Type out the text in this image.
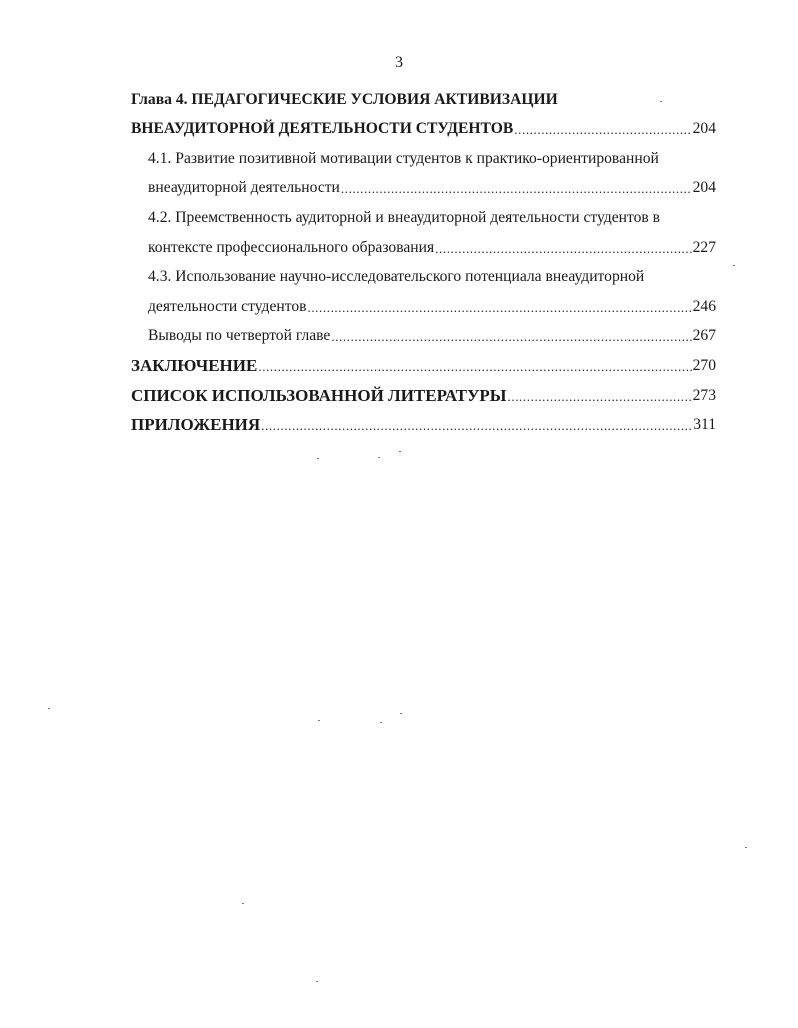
3
Глава 4. ПЕДАГОГИЧЕСКИЕ УСЛОВИЯ АКТИВИЗАЦИИ
ВНЕАУДИТОРНОЙ ДЕЯТЕЛЬНОСТИ СТУДЕНТОВ .....	204
4.1. Развитие позитивной мотивации студентов к практико-ориентированной
внеаудиторной деятельности .....	204
4.2. Преемственность аудиторной и внеаудиторной деятельности студентов в
контексте профессионального образования .....	227
4.3. Использование научно-исследовательского потенциала внеаудиторной
деятельности студентов .....	246
Выводы по четвертой главе .....	267
ЗАКЛЮЧЕНИЕ .....	270
СПИСОК ИСПОЛЬЗОВАННОЙ ЛИТЕРАТУРЫ .....	273
ПРИЛОЖЕНИЯ .....	311
